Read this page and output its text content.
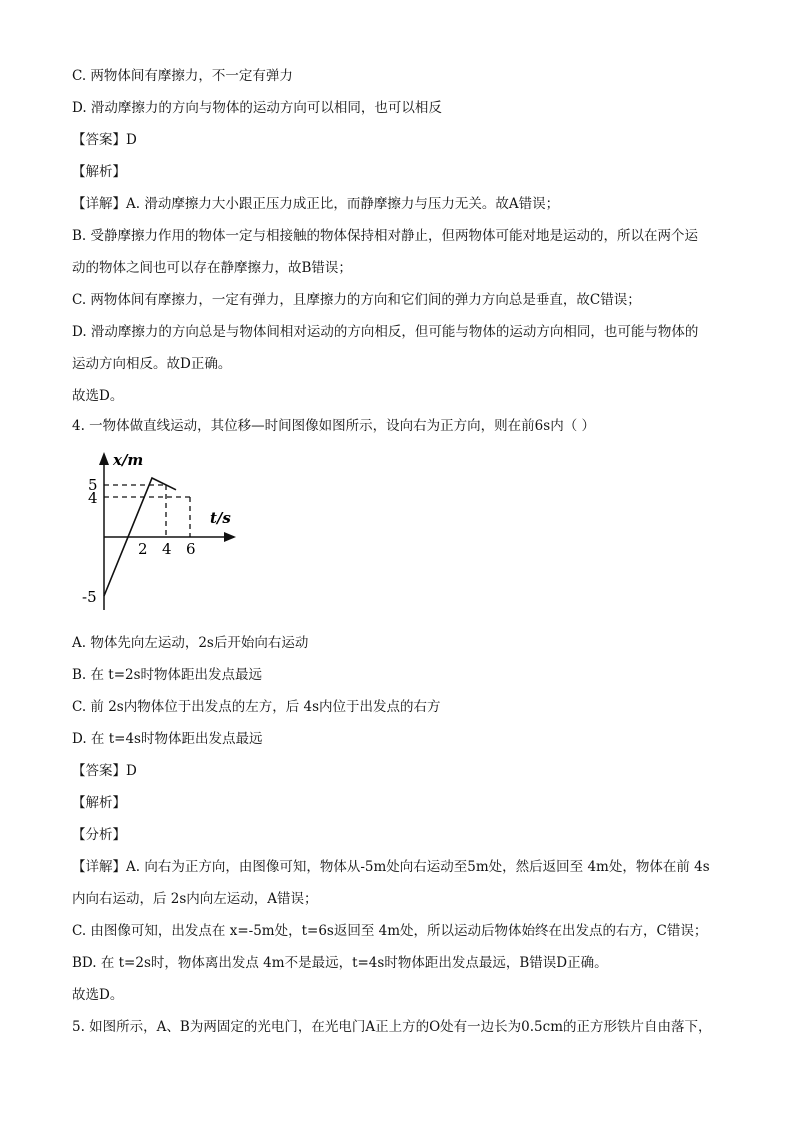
C. 两物体间有摩擦力，不一定有弹力
D. 滑动摩擦力的方向与物体的运动方向可以相同，也可以相反
【答案】D
【解析】
【详解】A. 滑动摩擦力大小跟正压力成正比，而静摩擦力与压力无关。故A错误；
B. 受静摩擦力作用的物体一定与相接触的物体保持相对静止，但两物体可能对地是运动的，所以在两个运
动的物体之间也可以存在静摩擦力，故B错误；
C. 两物体间有摩擦力，一定有弹力，且摩擦力的方向和它们间的弹力方向总是垂直，故C错误；
D. 滑动摩擦力的方向总是与物体间相对运动的方向相反，但可能与物体的运动方向相同，也可能与物体的
运动方向相反。故D正确。
故选D。
4. 一物体做直线运动，其位移—时间图像如图所示，设向右为正方向，则在前6s内（ ）
x/m
t/s
5
4
-5
2 4 6
A. 物体先向左运动，2s后开始向右运动
B. 在 t=2s时物体距出发点最远
C. 前 2s内物体位于出发点的左方，后 4s内位于出发点的右方
D. 在 t=4s时物体距出发点最远
【答案】D
【解析】
【分析】
【详解】A. 向右为正方向，由图像可知，物体从-5m处向右运动至5m处，然后返回至 4m处，物体在前 4s
内向右运动，后 2s内向左运动，A错误；
C. 由图像可知，出发点在 x=-5m处，t=6s返回至 4m处，所以运动后物体始终在出发点的右方，C错误；
BD. 在 t=2s时，物体离出发点 4m不是最远，t=4s时物体距出发点最远，B错误D正确。
故选D。
5. 如图所示，A、B为两固定的光电门，在光电门A正上方的O处有一边长为0.5cm的正方形铁片自由落下，
